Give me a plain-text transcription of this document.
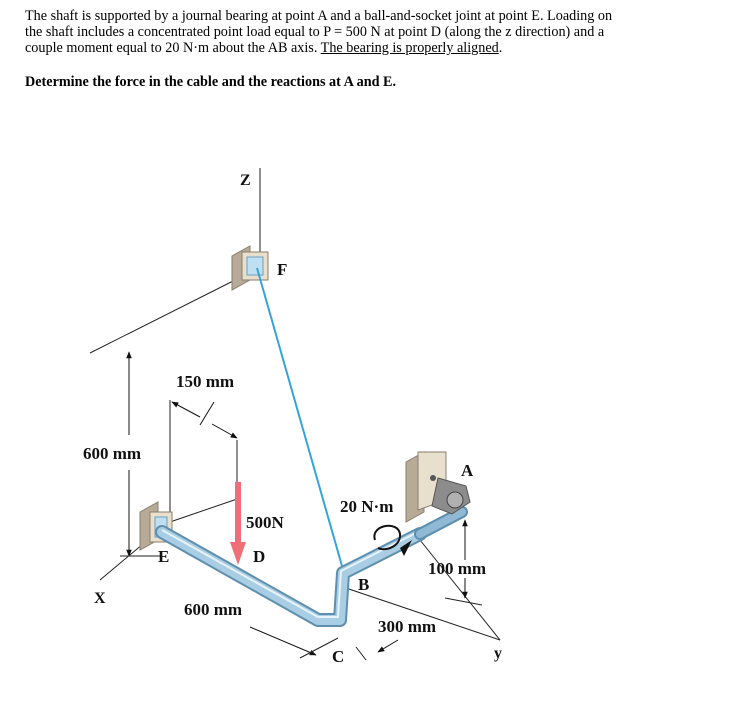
The shaft is supported by a journal bearing at point A and a ball-and-socket joint at point E. Loading on

the shaft includes a concentrated point load equal to P = 500 N at point D (along the z direction) and a

couple moment equal to 20 N·m about the AB axis. The bearing is properly aligned.

Determine the force in the cable and the reactions at A and E.
Z
F
150 mm
600 mm
500N
20 N·m
A
E	D
B
100 mm
X
600 mm
300 mm
C	y
